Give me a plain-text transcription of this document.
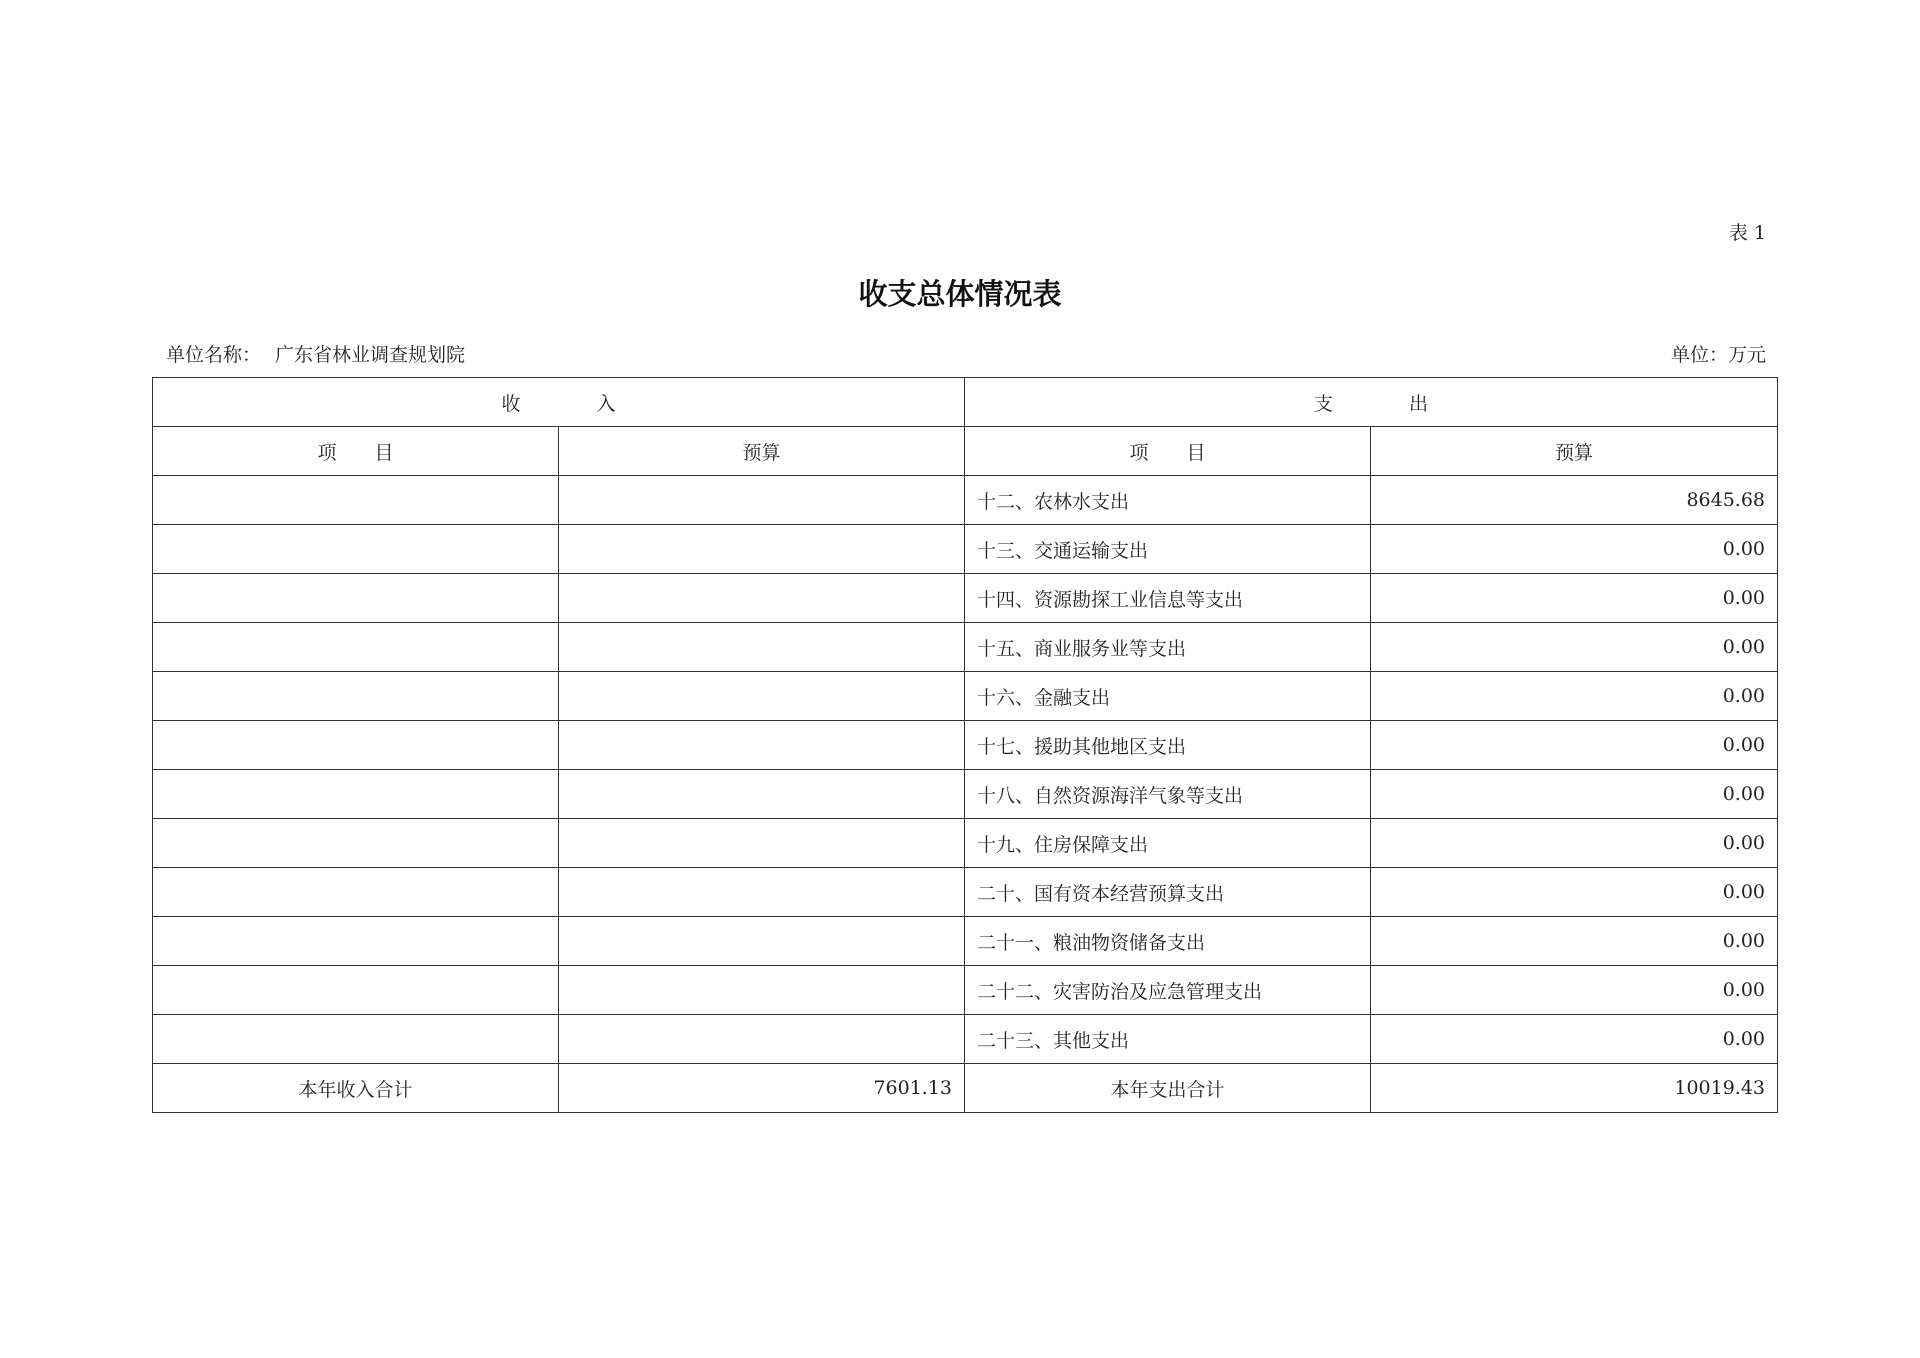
表 1
收支总体情况表
单位名称： 广东省林业调查规划院	单位：万元
收　　　　入		支　　　　出	
项　　目	预算	项　　目	预算
		十二、农林水支出	8645.68
		十三、交通运输支出	0.00
		十四、资源勘探工业信息等支出	0.00
		十五、商业服务业等支出	0.00
		十六、金融支出	0.00
		十七、援助其他地区支出	0.00
		十八、自然资源海洋气象等支出	0.00
		十九、住房保障支出	0.00
		二十、国有资本经营预算支出	0.00
		二十一、粮油物资储备支出	0.00
		二十二、灾害防治及应急管理支出	0.00
		二十三、其他支出	0.00
本年收入合计	7601.13	本年支出合计	10019.43
